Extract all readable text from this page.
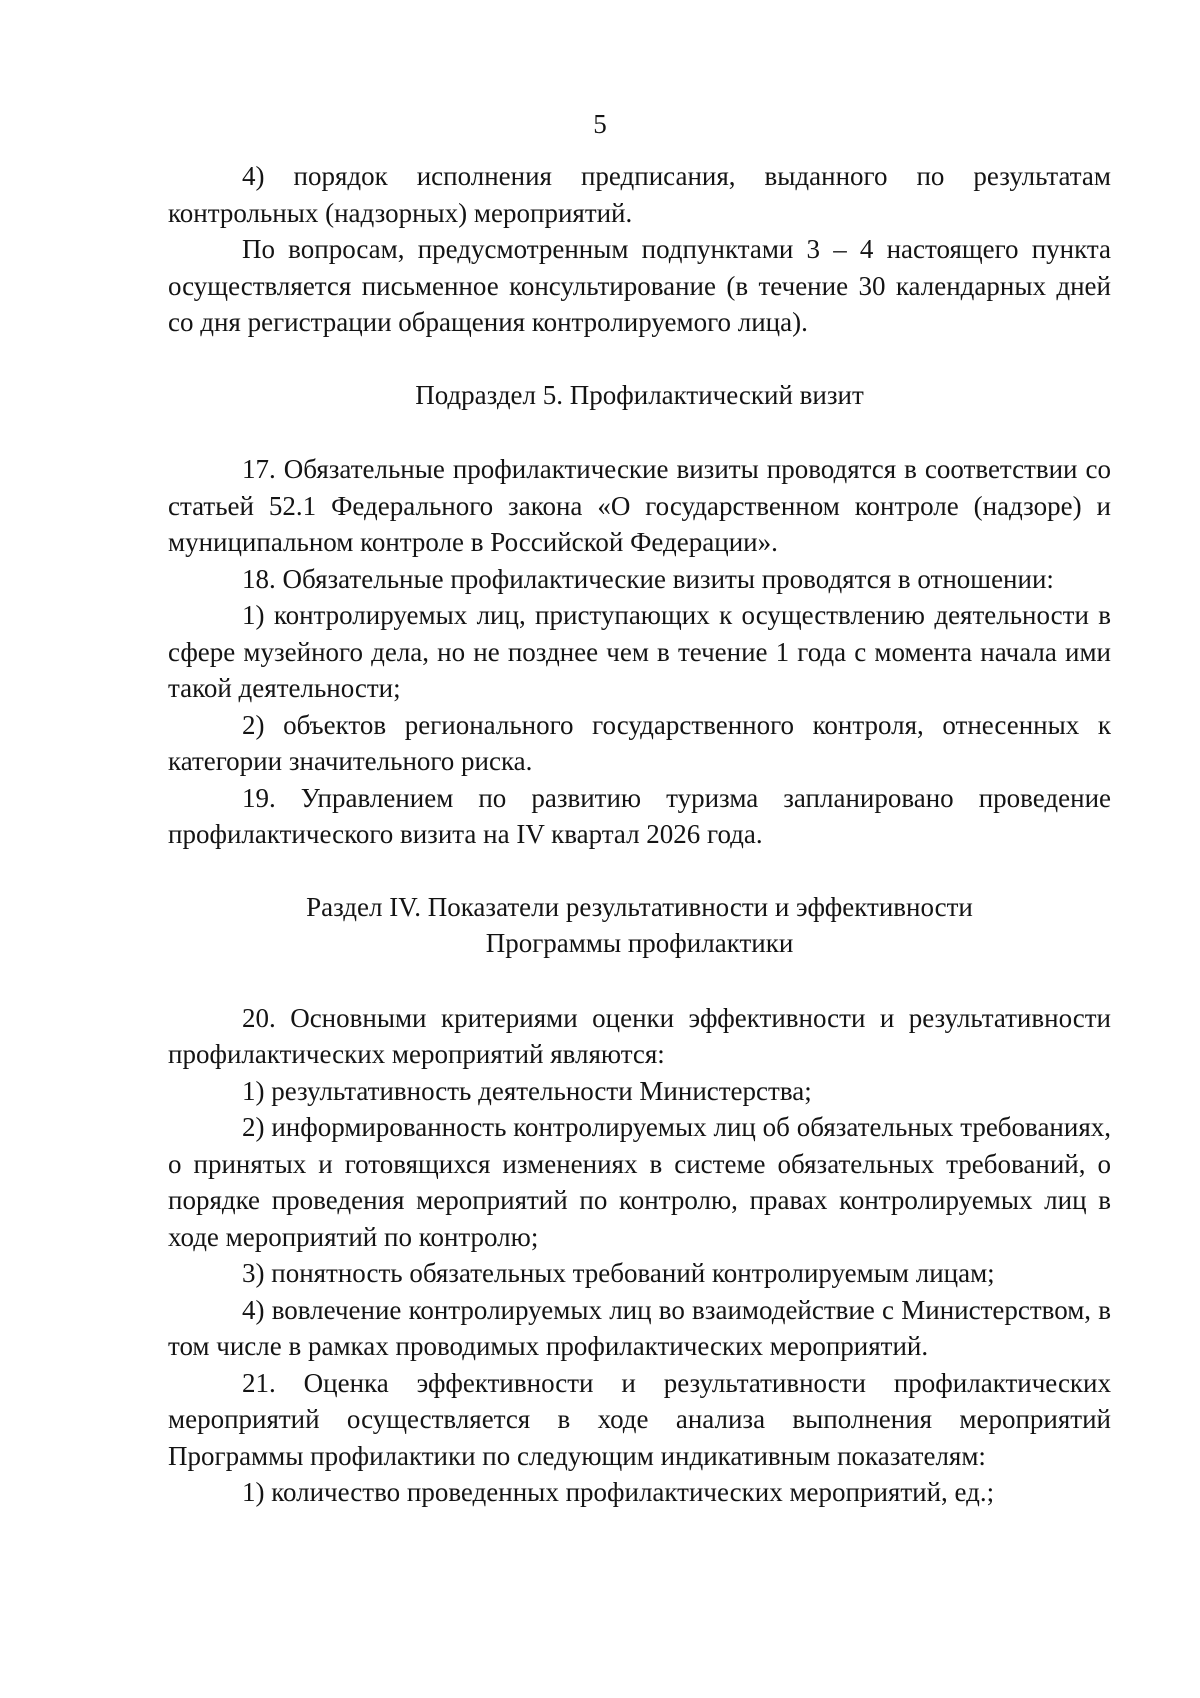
5

4) порядок исполнения предписания, выданного по результатам контрольных (надзорных) мероприятий.

По вопросам, предусмотренным подпунктами 3 – 4 настоящего пункта осуществляется письменное консультирование (в течение 30 календарных дней со дня регистрации обращения контролируемого лица).

Подраздел 5. Профилактический визит

17. Обязательные профилактические визиты проводятся в соответствии со статьей 52.1 Федерального закона «О государственном контроле (надзоре) и муниципальном контроле в Российской Федерации».

18. Обязательные профилактические визиты проводятся в отношении:

1) контролируемых лиц, приступающих к осуществлению деятельности в сфере музейного дела, но не позднее чем в течение 1 года с момента начала ими такой деятельности;

2) объектов регионального государственного контроля, отнесенных к категории значительного риска.

19. Управлением по развитию туризма запланировано проведение профилактического визита на IV квартал 2026 года.

Раздел IV. Показатели результативности и эффективности
Программы профилактики

20. Основными критериями оценки эффективности и результативности профилактических мероприятий являются:

1) результативность деятельности Министерства;

2) информированность контролируемых лиц об обязательных требованиях, о принятых и готовящихся изменениях в системе обязательных требований, о порядке проведения мероприятий по контролю, правах контролируемых лиц в ходе мероприятий по контролю;

3) понятность обязательных требований контролируемым лицам;

4) вовлечение контролируемых лиц во взаимодействие с Министерством, в том числе в рамках проводимых профилактических мероприятий.

21. Оценка эффективности и результативности профилактических мероприятий осуществляется в ходе анализа выполнения мероприятий Программы профилактики по следующим индикативным показателям:

1) количество проведенных профилактических мероприятий, ед.;
